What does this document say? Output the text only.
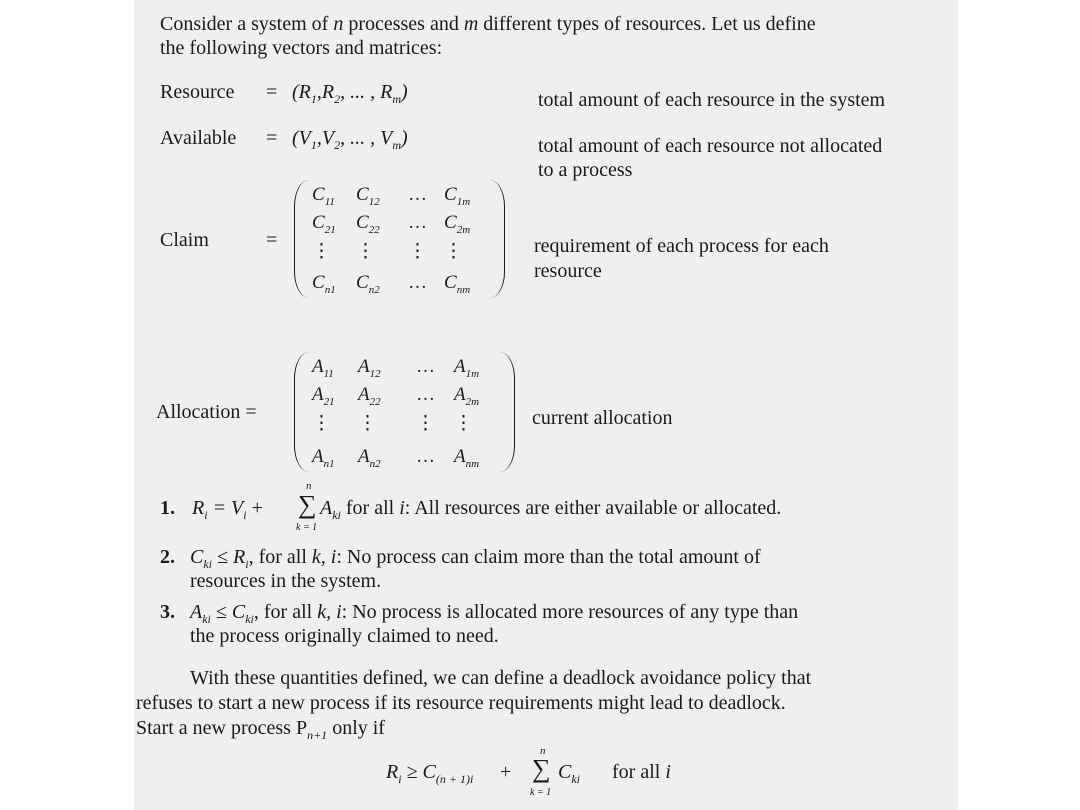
Consider a system of n processes and m different types of resources. Let us define
the following vectors and matrices:
Resource = ($R_1,R_2$, ... , $R_m$)	total amount of each resource in the system
Available = ($V_1,V_2$, ... , $V_m$)	total amount of each resource not allocated
to a process
Claim	=
$C_{11}$ $C_{12}$ … $C_{1m}$
$C_{21}$ $C_{22}$ … $C_{2m}$
⋮ ⋮ ⋮ ⋮
$C_{n1}$ $C_{n2}$ … $C_{nm}$
requirement of each process for each
resource
Allocation =
$A_{11}$ $A_{12}$ … $A_{1m}$
$A_{21}$ $A_{22}$ … $A_{2m}$
⋮ ⋮ ⋮ ⋮
$A_{n1}$ $A_{n2}$ … $A_{nm}$
current allocation
1. $R_i = V_i$ +
n
∑
k = 1
$A_{ki}$ for all i: All resources are either available or allocated.
2. $C_{ki} \le R_i$, for all k, i: No process can claim more than the total amount of
resources in the system.
3. $A_{ki} \le C_{ki}$, for all k, i: No process is allocated more resources of any type than
the process originally claimed to need.
With these quantities defined, we can define a deadlock avoidance policy that
refuses to start a new process if its resource requirements might lead to deadlock.
Start a new process $P_{n+1}$ only if
$R_i \ge C_{(n + 1)i}$ +
n
∑
k = 1
$C_{ki}$ for all i
